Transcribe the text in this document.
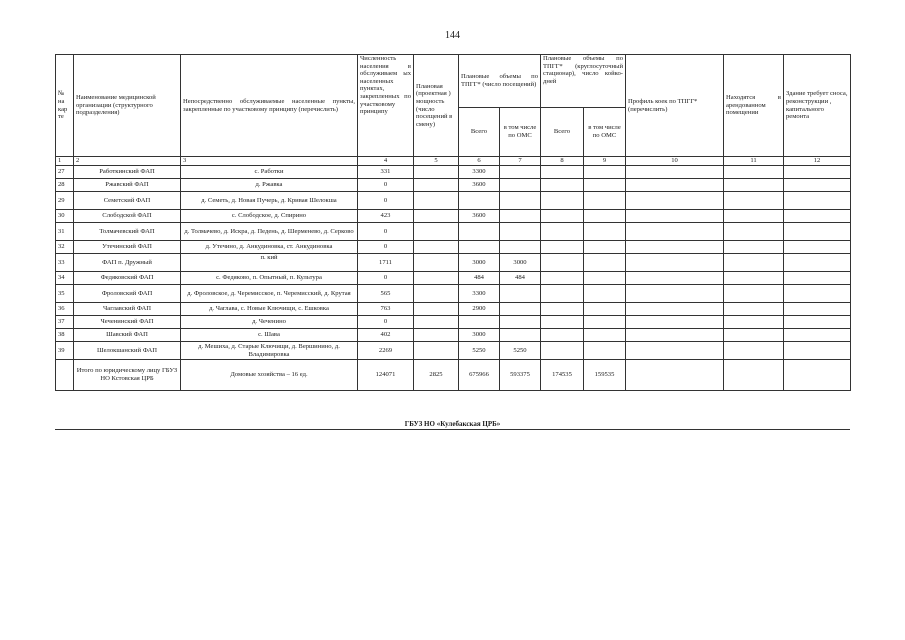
144
№ на кар те	Наименование медицинской организации (структурного подразделения)	Непосредственно обслуживаемые населенные пункты, закрепленные по участковому принципу (перечислить)	Численность населения в обслуживаем ых населенных пунктах, закрепленных по участковому принципу	Плановая (проектная ) мощность (число посещений в смену)	Плановые объемы по ТПГГ* (число посещений)		Плановые объемы по ТПГГ* (круглосуточный стационар), число койко-дней		Профиль коек по ТПГГ* (перечислить)	Находятся в арендованном помещении	Здание требует сноса, реконструкции , капитального ремонта
					Всего	в том числе по ОМС	Всего	в том числе по ОМС			
1	2	3	4	5	6	7	8	9	10	11	12
27	Работкинский ФАП	с. Работки	331		3300						
28	Ржавский ФАП	д. Ржавка	0		3600						
29	Семетский ФАП	д. Семеть, д. Новая Пучерь, д. Кривая Шелокша	0								
30	Слободской ФАП	с. Слободское, д. Спирино	423		3600						
31	Толмачевский ФАП	д. Толмачево, д. Искра, д. Педень, д. Шерменево, д. Серково	0								
32	Утечинский ФАП	д. Утечино, д. Анкудиновка, ст. Анкудиновка	0								
33	ФАП п. Дружный	п. кий	1711		3000	3000					
34	Федяковский ФАП	с. Федяково, п. Опытный, п. Культура	0		484	484					
35	Фроловский ФАП	д. Фроловское, д. Черемисское, п. Черемисский, д. Крутая	565		3300						
36	Чаглавский ФАП	д. Чаглава, с. Новые Ключищи, с. Ешковка	763		2900						
37	Чеченинский ФАП	д. Чеченино	0								
38	Шавский ФАП	с. Шава	402		3000						
39	Шелокшанский ФАП	д. Мешиха, д. Старые Ключищи, д. Вершинино, д. Владимировка	2269		5250	5250					
	Итого по юридическому лицу ГБУЗ НО Кстовская ЦРБ	Домовые хозяйства – 16 ед.	124071	2825	675966	593375	174535	159535			
ГБУЗ НО «Кулебакская ЦРБ»
